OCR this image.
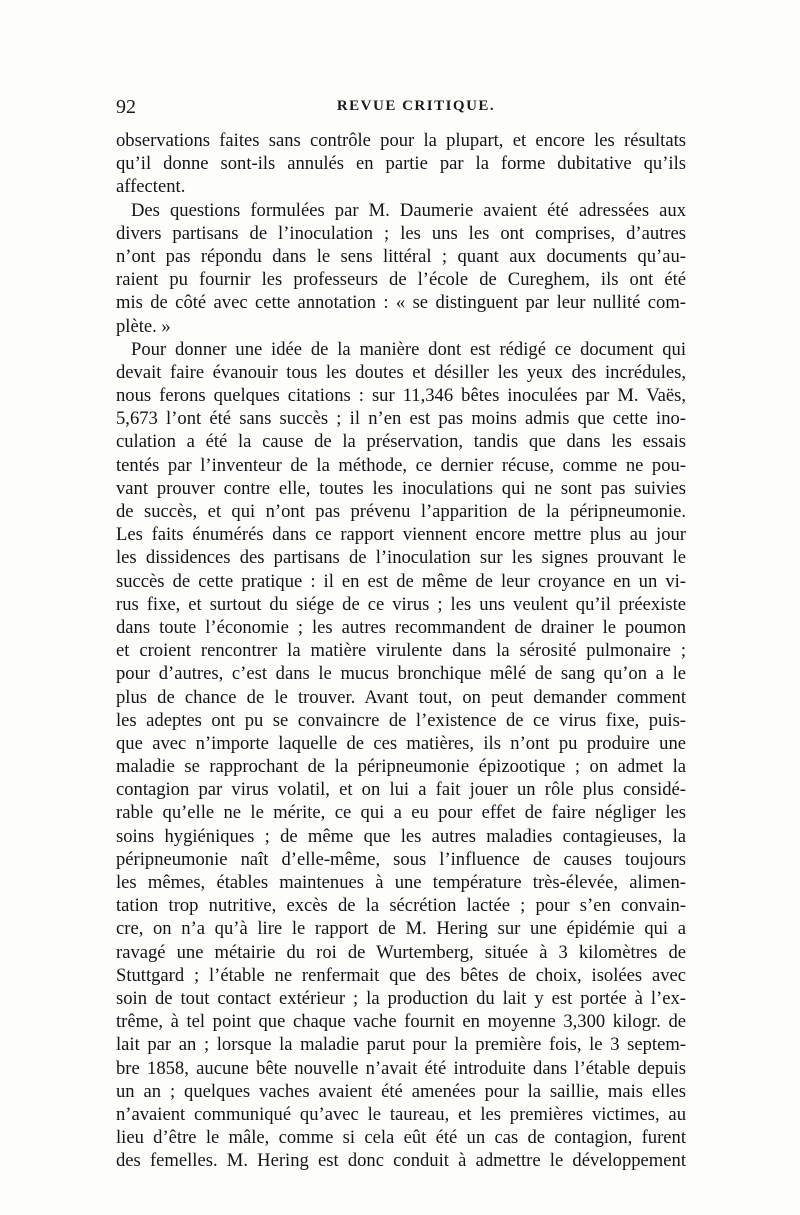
92	REVUE CRITIQUE.
observations faites sans contrôle pour la plupart, et encore les résultats
qu’il donne sont-ils annulés en partie par la forme dubitative qu’ils
affectent.
Des questions formulées par M. Daumerie avaient été adressées aux
divers partisans de l’inoculation ; les uns les ont comprises, d’autres
n’ont pas répondu dans le sens littéral ; quant aux documents qu’au-
raient pu fournir les professeurs de l’école de Cureghem, ils ont été
mis de côté avec cette annotation : « se distinguent par leur nullité com-
plète. »
Pour donner une idée de la manière dont est rédigé ce document qui
devait faire évanouir tous les doutes et désiller les yeux des incrédules,
nous ferons quelques citations : sur 11,346 bêtes inoculées par M. Vaës,
5,673 l’ont été sans succès ; il n’en est pas moins admis que cette ino-
culation a été la cause de la préservation, tandis que dans les essais
tentés par l’inventeur de la méthode, ce dernier récuse, comme ne pou-
vant prouver contre elle, toutes les inoculations qui ne sont pas suivies
de succès, et qui n’ont pas prévenu l’apparition de la péripneumonie.
Les faits énumérés dans ce rapport viennent encore mettre plus au jour
les dissidences des partisans de l’inoculation sur les signes prouvant le
succès de cette pratique : il en est de même de leur croyance en un vi-
rus fixe, et surtout du siége de ce virus ; les uns veulent qu’il préexiste
dans toute l’économie ; les autres recommandent de drainer le poumon
et croient rencontrer la matière virulente dans la sérosité pulmonaire ;
pour d’autres, c’est dans le mucus bronchique mêlé de sang qu’on a le
plus de chance de le trouver. Avant tout, on peut demander comment
les adeptes ont pu se convaincre de l’existence de ce virus fixe, puis-
que avec n’importe laquelle de ces matières, ils n’ont pu produire une
maladie se rapprochant de la péripneumonie épizootique ; on admet la
contagion par virus volatil, et on lui a fait jouer un rôle plus considé-
rable qu’elle ne le mérite, ce qui a eu pour effet de faire négliger les
soins hygiéniques ; de même que les autres maladies contagieuses, la
péripneumonie naît d’elle-même, sous l’influence de causes toujours
les mêmes, étables maintenues à une température très-élevée, alimen-
tation trop nutritive, excès de la sécrétion lactée ; pour s’en convain-
cre, on n’a qu’à lire le rapport de M. Hering sur une épidémie qui a
ravagé une métairie du roi de Wurtemberg, située à 3 kilomètres de
Stuttgard ; l’étable ne renfermait que des bêtes de choix, isolées avec
soin de tout contact extérieur ; la production du lait y est portée à l’ex-
trême, à tel point que chaque vache fournit en moyenne 3,300 kilogr. de
lait par an ; lorsque la maladie parut pour la première fois, le 3 septem-
bre 1858, aucune bête nouvelle n’avait été introduite dans l’étable depuis
un an ; quelques vaches avaient été amenées pour la saillie, mais elles
n’avaient communiqué qu’avec le taureau, et les premières victimes, au
lieu d’être le mâle, comme si cela eût été un cas de contagion, furent
des femelles. M. Hering est donc conduit à admettre le développement
